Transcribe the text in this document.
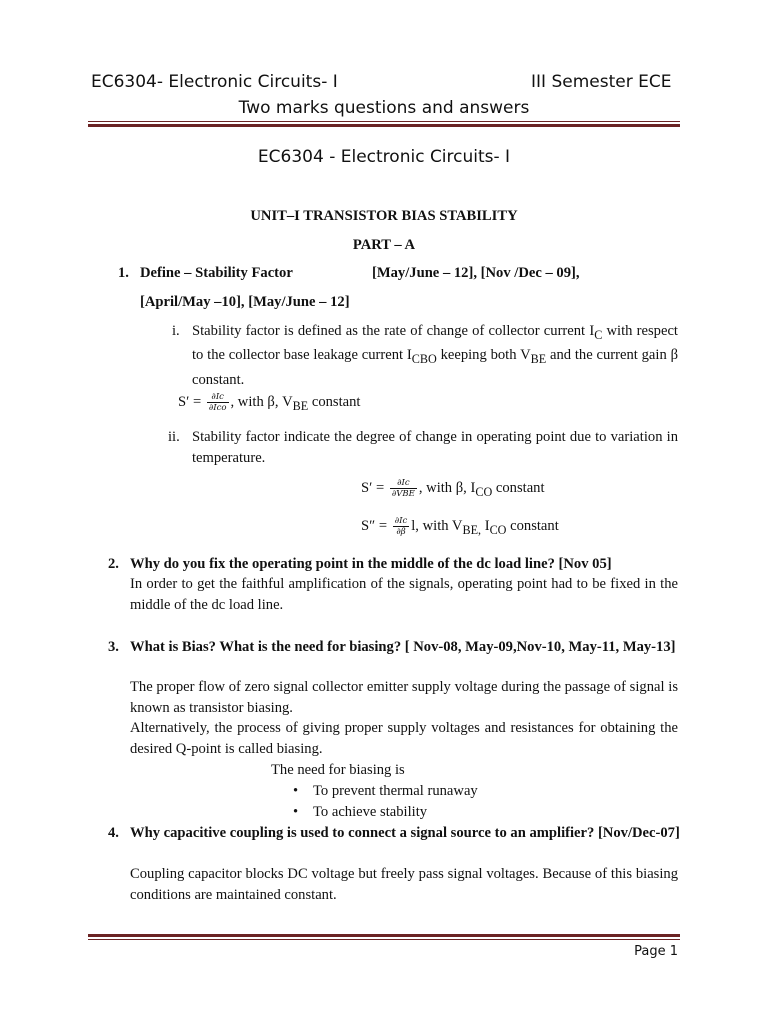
EC6304- Electronic Circuits- I	III Semester ECE
Two marks questions and answers
EC6304 - Electronic Circuits- I
UNIT–I TRANSISTOR BIAS STABILITY
PART – A
1. Define – Stability Factor	[May/June – 12], [Nov /Dec – 09],
[April/May –10], [May/June – 12]
i. Stability factor is defined as the rate of change of collector current $I_C$ with respect to the collector base leakage current $I_{CBO}$ keeping both $V_{BE}$ and the current gain β constant.
$S' = \frac{\partial Ic}{\text{∂Ico}}$ , with β, $V_{BE}$ constant
ii. Stability factor indicate the degree of change in operating point due to variation in temperature.
$S' = \frac{\partial Ic}{\text{∂VBE}}$ , with β, $I_{CO}$ constant
$S'' = \frac{\partial Ic}{\partial\beta} l$, with $V_{BE,}$ $I_{CO}$ constant
2. Why do you fix the operating point in the middle of the dc load line? [Nov 05]
In order to get the faithful amplification of the signals, operating point had to be fixed in the middle of the dc load line.
3. What is Bias? What is the need for biasing? [ Nov-08, May-09,Nov-10, May-11, May-13]
The proper flow of zero signal collector emitter supply voltage during the passage of signal is known as transistor biasing.
Alternatively, the process of giving proper supply voltages and resistances for obtaining the desired Q-point is called biasing.
The need for biasing is
• To prevent thermal runaway
• To achieve stability
4. Why capacitive coupling is used to connect a signal source to an amplifier? [Nov/Dec-07]
Coupling capacitor blocks DC voltage but freely pass signal voltages. Because of this biasing conditions are maintained constant.
Page 1
